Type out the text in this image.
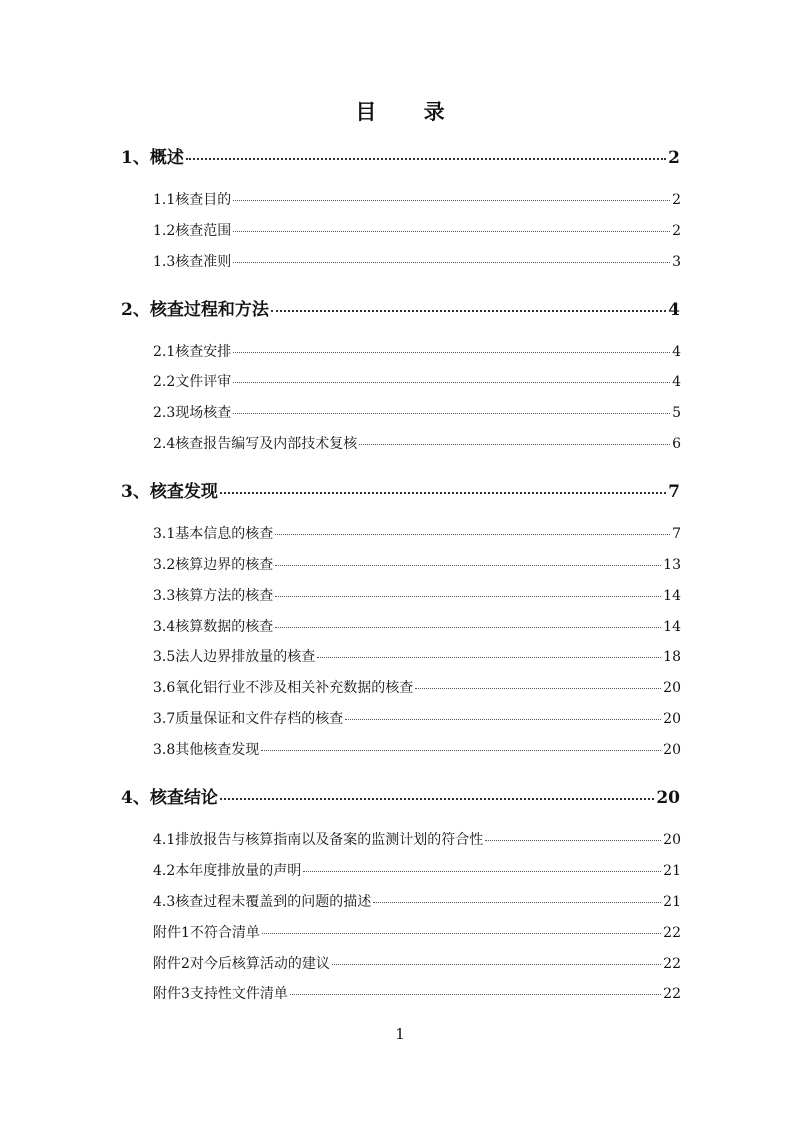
目 录
1、概述	2
1.1核查目的	2
1.2核查范围	2
1.3核查准则	3
2、核查过程和方法	4
2.1核查安排	4
2.2文件评审	4
2.3现场核查	5
2.4核查报告编写及内部技术复核	6
3、核查发现	7
3.1基本信息的核查	7
3.2核算边界的核查	13
3.3核算方法的核查	14
3.4核算数据的核查	14
3.5法人边界排放量的核查	18
3.6氧化铝行业不涉及相关补充数据的核查	20
3.7质量保证和文件存档的核查	20
3.8其他核查发现	20
4、核查结论	20
4.1排放报告与核算指南以及备案的监测计划的符合性	20
4.2本年度排放量的声明	21
4.3核查过程未覆盖到的问题的描述	21
附件1不符合清单	22
附件2对今后核算活动的建议	22
附件3支持性文件清单	22
1
